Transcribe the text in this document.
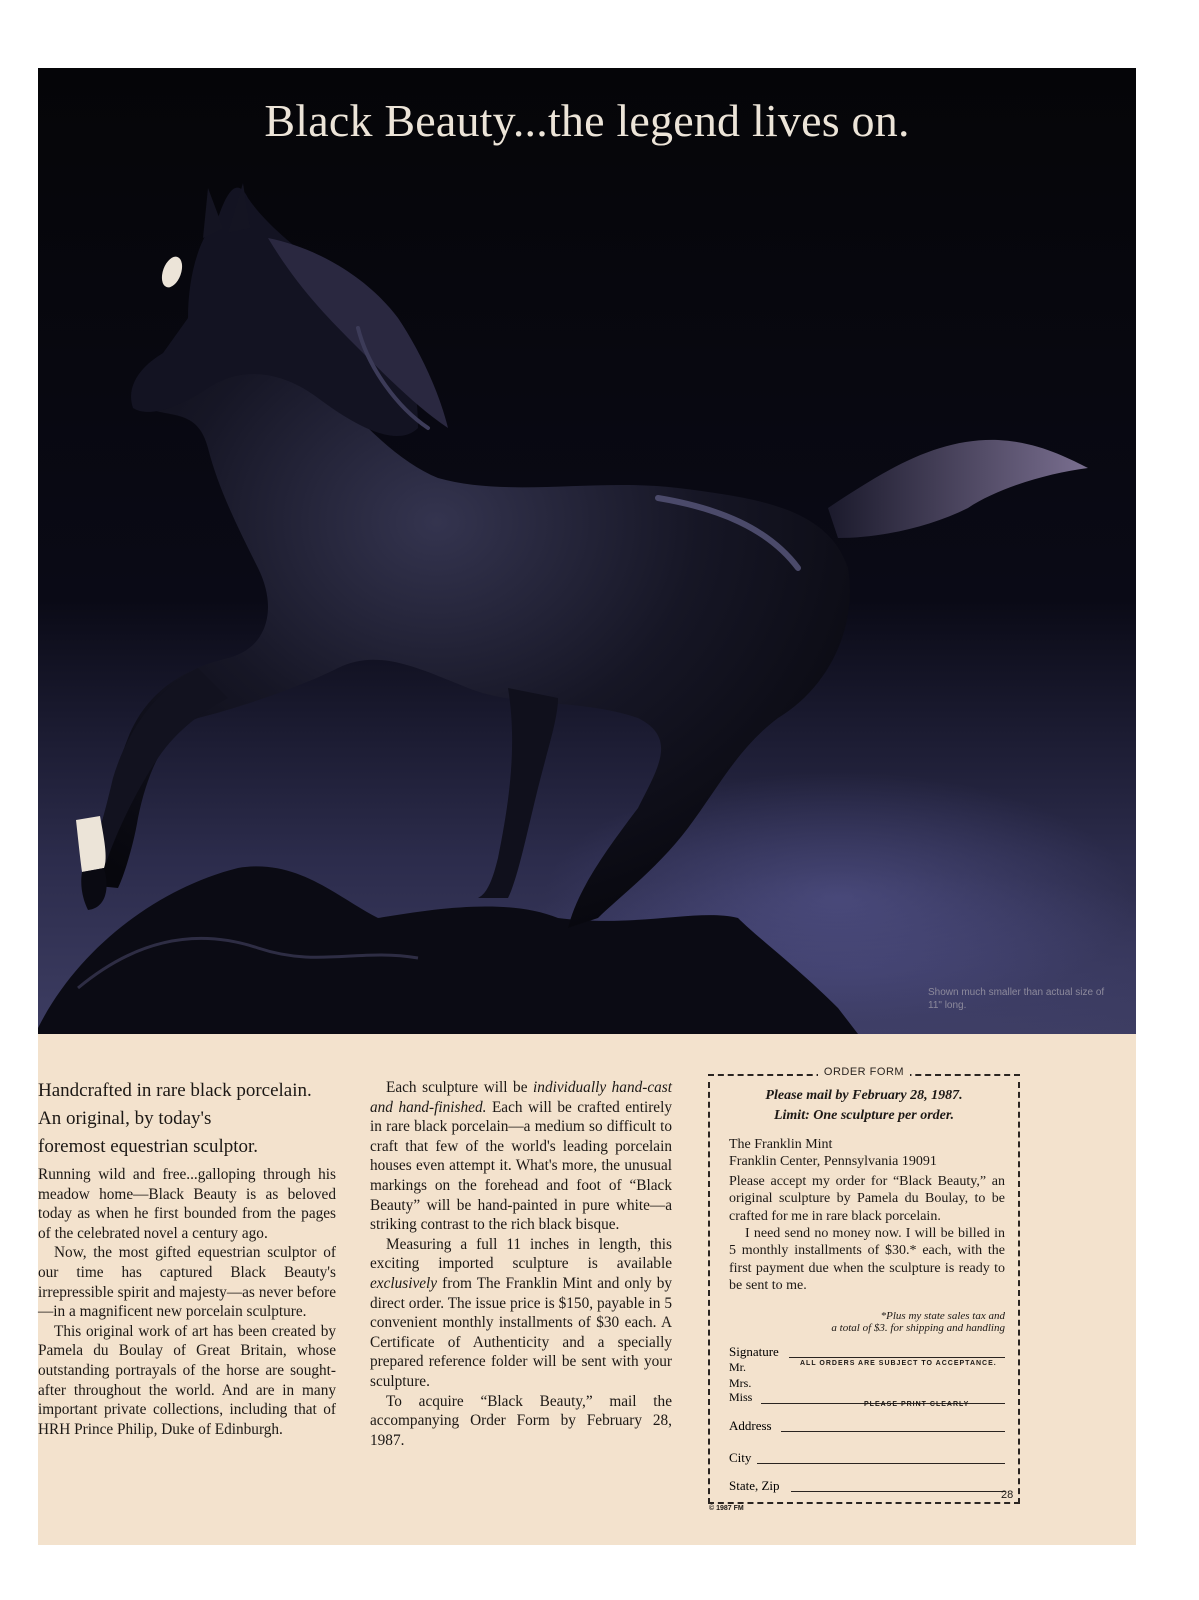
Black Beauty...the legend lives on.
Shown much smaller than actual size of 11" long.
Handcrafted in rare black porcelain.
An original, by today's
foremost equestrian sculptor.

Running wild and free...galloping through his meadow home—Black Beauty is as beloved today as when he first bounded from the pages of the celebrated novel a century ago.

Now, the most gifted equestrian sculptor of our time has captured Black Beauty's irrepressible spirit and majesty—as never before—in a magnificent new porcelain sculpture.

This original work of art has been created by Pamela du Boulay of Great Britain, whose outstanding portrayals of the horse are sought-after throughout the world. And are in many important private collections, including that of HRH Prince Philip, Duke of Edinburgh.

Each sculpture will be individually hand-cast and hand-finished. Each will be crafted entirely in rare black porcelain—a medium so difficult to craft that few of the world's leading porcelain houses even attempt it. What's more, the unusual markings on the forehead and foot of “Black Beauty” will be hand-painted in pure white—a striking contrast to the rich black bisque.

Measuring a full 11 inches in length, this exciting imported sculpture is available exclusively from The Franklin Mint and only by direct order. The issue price is $150, payable in 5 convenient monthly installments of $30 each. A Certificate of Authenticity and a specially prepared reference folder will be sent with your sculpture.

To acquire “Black Beauty,” mail the accompanying Order Form by February 28, 1987.

ORDER FORM
Please mail by February 28, 1987.
Limit: One sculpture per order.

The Franklin Mint

Franklin Center, Pennsylvania 19091

Please accept my order for “Black Beauty,” an original sculpture by Pamela du Boulay, to be crafted for me in rare black porcelain.

I need send no money now. I will be billed in 5 monthly installments of $30.* each, with the first payment due when the sculpture is ready to be sent to me.

*Plus my state sales tax and
a total of $3. for shipping and handling
Signature
ALL ORDERS ARE SUBJECT TO ACCEPTANCE.
Mr.
Mrs.
Miss
PLEASE PRINT CLEARLY
Address
City
State, Zip
28
© 1987 FM
